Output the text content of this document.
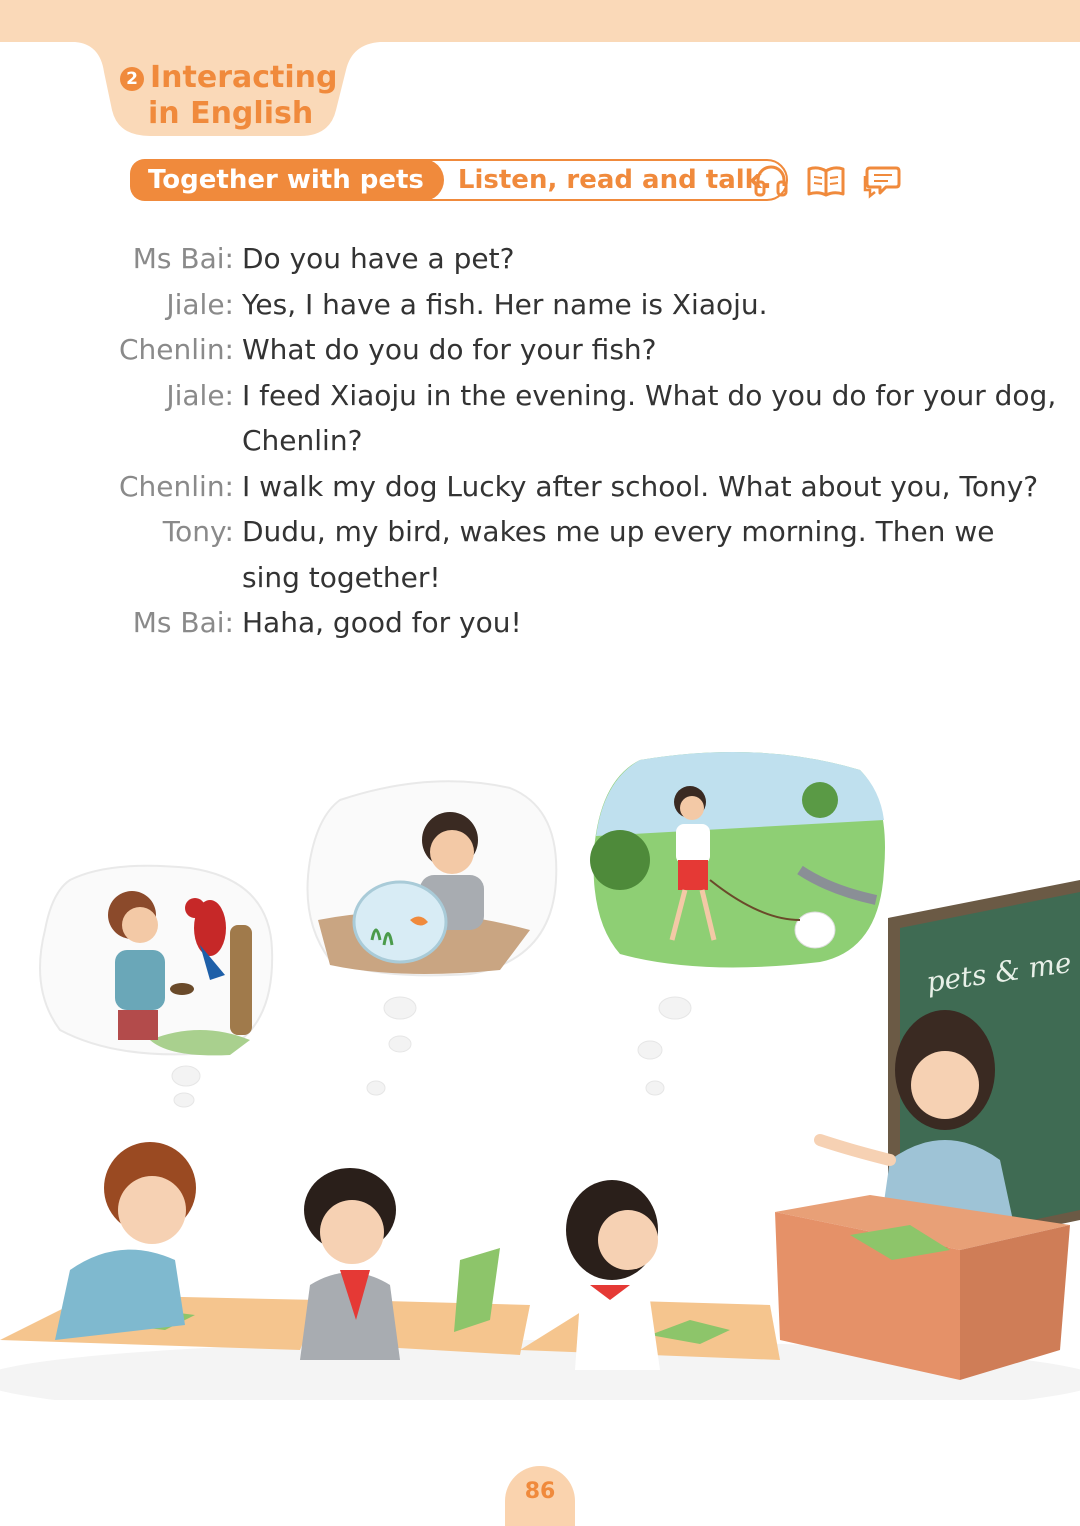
2 Interacting
in English
Together with pets	Listen, read and talk.
Ms Bai: Do you have a pet?
Jiale: Yes, I have a fish. Her name is Xiaoju.
Chenlin: What do you do for your fish?
Jiale: I feed Xiaoju in the evening. What do you do for your dog,
Chenlin?
Chenlin: I walk my dog Lucky after school. What about you, Tony?
Tony: Dudu, my bird, wakes me up every morning. Then we
sing together!
Ms Bai: Haha, good for you!
pets & me
86
